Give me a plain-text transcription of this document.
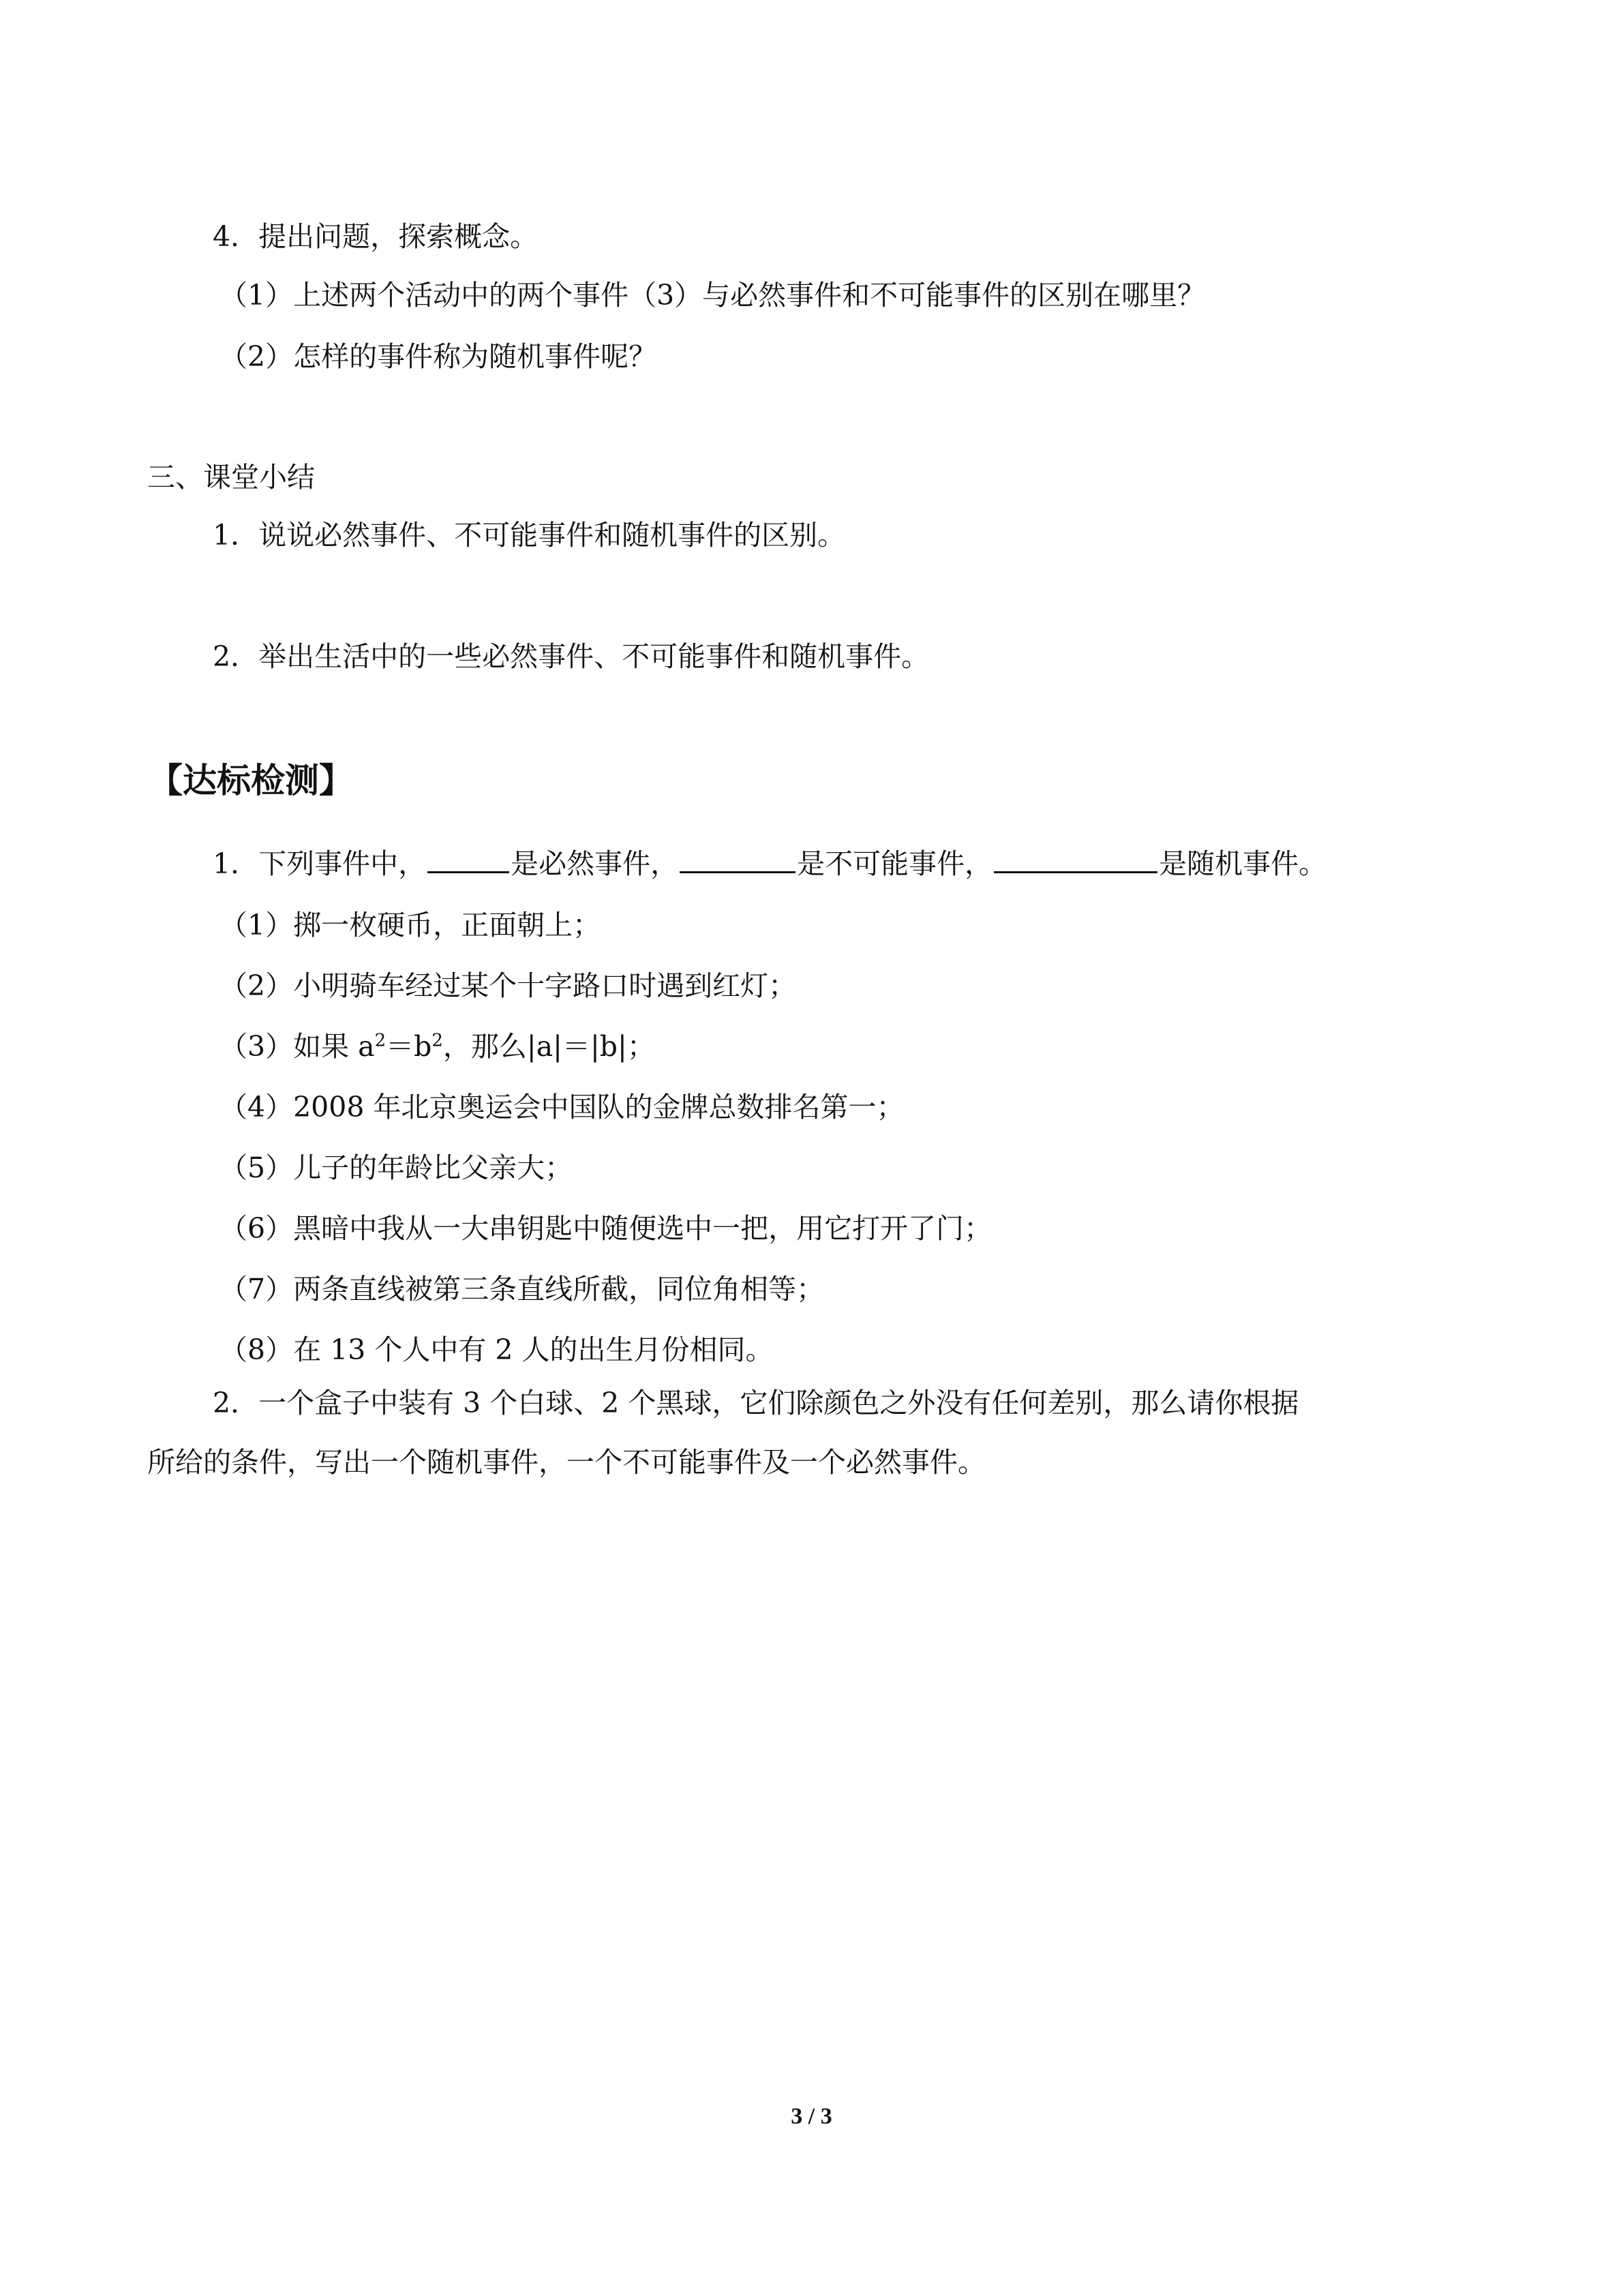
4．提出问题，探索概念。

（1）上述两个活动中的两个事件（3）与必然事件和不可能事件的区别在哪里？

（2）怎样的事件称为随机事件呢？

三、课堂小结

1．说说必然事件、不可能事件和随机事件的区别。

2．举出生活中的一些必然事件、不可能事件和随机事件。

【达标检测】

1．下列事件中，	是必然事件，	是不可能事件，	是随机事件。

（1）掷一枚硬币，正面朝上；

（2）小明骑车经过某个十字路口时遇到红灯；

（3）如果 $a^2=b^2$，那么|a|＝|b|；

（4）2008 年北京奥运会中国队的金牌总数排名第一；

（5）儿子的年龄比父亲大；

（6）黑暗中我从一大串钥匙中随便选中一把，用它打开了门；

（7）两条直线被第三条直线所截，同位角相等；

（8）在 13 个人中有 2 人的出生月份相同。

2．一个盒子中装有 3 个白球、2 个黑球，它们除颜色之外没有任何差别，那么请你根据

所给的条件，写出一个随机事件，一个不可能事件及一个必然事件。

3 / 3
